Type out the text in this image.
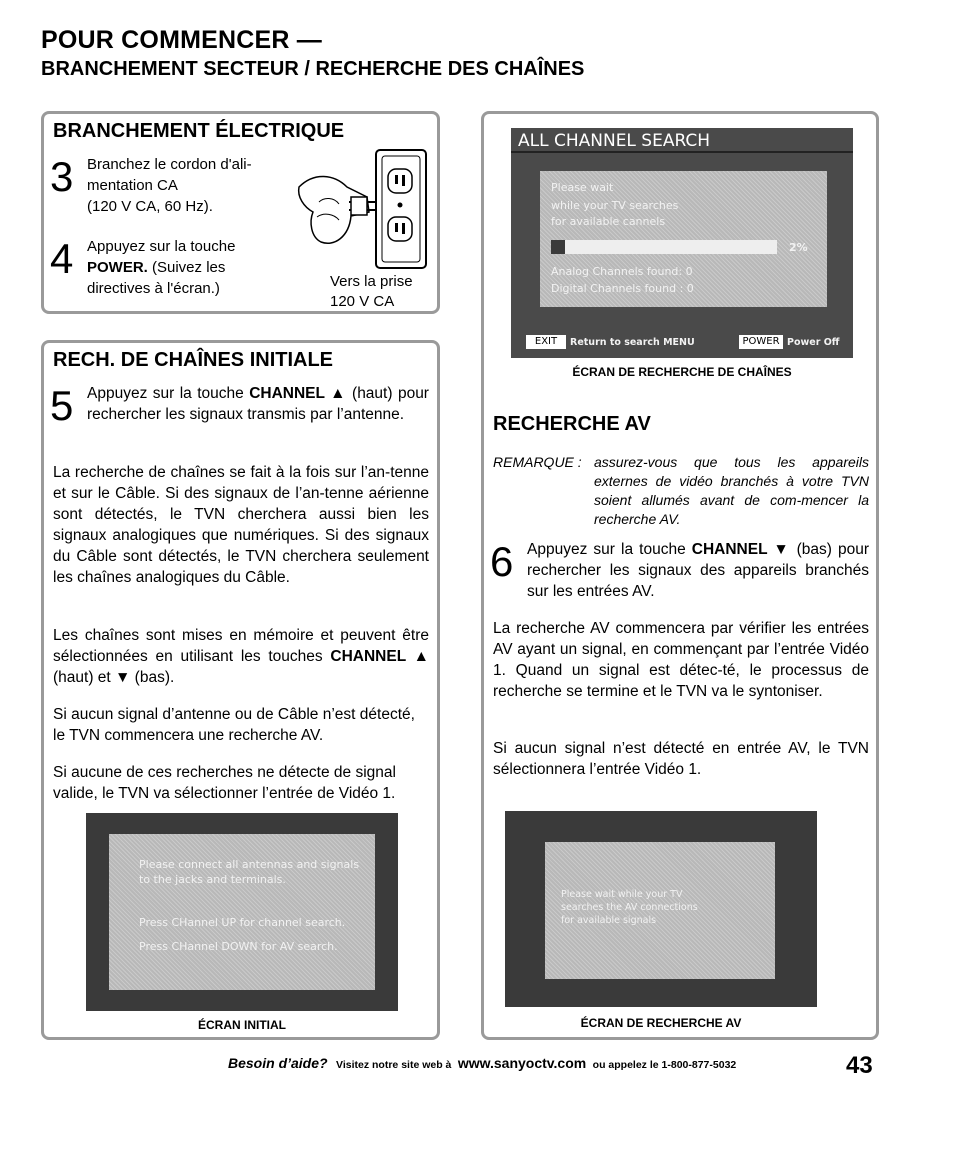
POUR COMMENCER —
BRANCHEMENT SECTEUR / RECHERCHE DES CHAÎNES
BRANCHEMENT ÉLECTRIQUE
3 Branchez le cordon d'ali-
mentation CA
(120 V CA, 60 Hz).
4 Appuyez sur la touche
POWER. (Suivez les
directives à l'écran.)	Vers la prise
120 V CA
RECH. DE CHAÎNES INITIALE
5 Appuyez sur la touche CHANNEL ▲ (haut) pour rechercher les signaux transmis par l’antenne.
La recherche de chaînes se fait à la fois sur l’an-tenne et sur le Câble. Si des signaux de l’an-tenne aérienne sont détectés, le TVN cherchera aussi bien les signaux analogiques que numériques. Si des signaux du Câble sont détectés, le TVN cherchera seulement les chaînes analogiques du Câble.
Les chaînes sont mises en mémoire et peuvent être sélectionnées en utilisant les touches CHANNEL ▲ (haut) et ▼ (bas).
Si aucun signal d’antenne ou de Câble n’est détecté, le TVN commencera une recherche AV.
Si aucune de ces recherches ne détecte de signal valide, le TVN va sélectionner l’entrée de Vidéo 1.
Please connect all antennas and signals
to the jacks and terminals.
Press CHannel UP for channel search.
Press CHannel DOWN for AV search.
ÉCRAN INITIAL
ALL CHANNEL SEARCH
Please wait
while your TV searches
for available cannels
2%
Analog Channels found: 0
Digital Channels found : 0
EXIT	Return to search MENU	POWER Power Off
ÉCRAN DE RECHERCHE DE CHAÎNES
RECHERCHE AV
REMARQUE : assurez-vous que tous les appareils externes de vidéo branchés à votre TVN soient allumés avant de com-mencer la recherche AV.
6 Appuyez sur la touche CHANNEL ▼ (bas) pour rechercher les signaux des appareils branchés sur les entrées AV.
La recherche AV commencera par vérifier les entrées AV ayant un signal, en commençant par l’entrée Vidéo 1. Quand un signal est détec-té, le processus de recherche se termine et le TVN va le syntoniser.
Si aucun signal n’est détecté en entrée AV, le TVN sélectionnera l’entrée Vidéo 1.
Please wait while your TV
searches the AV connections
for available signals
ÉCRAN DE RECHERCHE AV
Besoin d’aide? Visitez notre site web à www.sanyoctv.com ou appelez le 1-800-877-5032	43
